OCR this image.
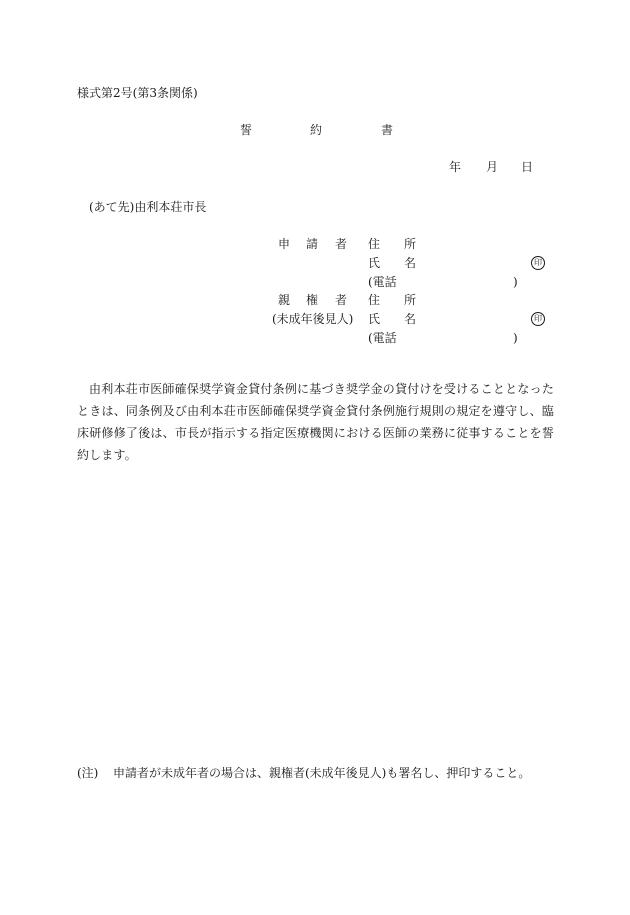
様式第2号(第3条関係)
誓	約	書
年 月 日
(あて先)由利本荘市長
申 請 者 住　　所
氏　　名	印
(電話	)
親 権 者 住　　所
(未成年後見人) 氏　　名	印
(電話	)
由利本荘市医師確保奨学資金貸付条例に基づき奨学金の貸付けを受けることとなったときは、同条例及び由利本荘市医師確保奨学資金貸付条例施行規則の規定を遵守し、臨床研修修了後は、市長が指示する指定医療機関における医師の業務に従事することを誓約します。
(注) 申請者が未成年者の場合は、親権者(未成年後見人)も署名し、押印すること。
